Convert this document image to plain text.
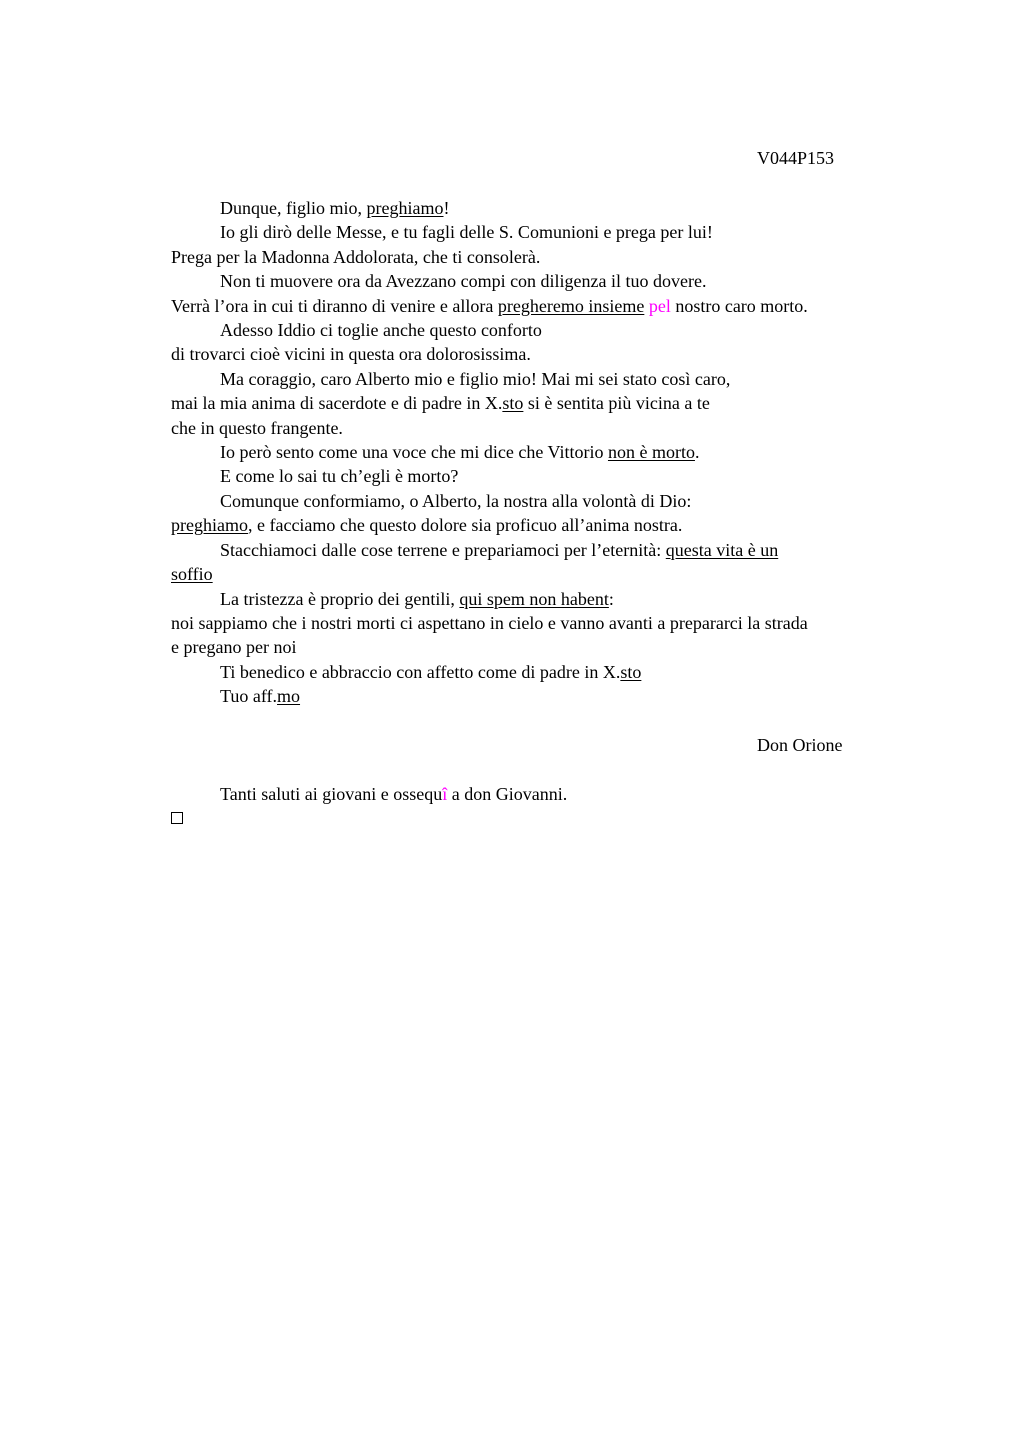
V044P153

Dunque, figlio mio, preghiamo!

Io gli dirò delle Messe, e tu fagli delle S. Comunioni e prega per lui!

Prega per la Madonna Addolorata, che ti consolerà.

Non ti muovere ora da Avezzano compi con diligenza il tuo dovere.

Verrà l’ora in cui ti diranno di venire e allora pregheremo insieme pel nostro caro morto.

Adesso Iddio ci toglie anche questo conforto

di trovarci cioè vicini in questa ora dolorosissima.

Ma coraggio, caro Alberto mio e figlio mio! Mai mi sei stato così caro,

mai la mia anima di sacerdote e di padre in X.sto si è sentita più vicina a te

che in questo frangente.

Io però sento come una voce che mi dice che Vittorio non è morto.

E come lo sai tu ch’egli è morto?

Comunque conformiamo, o Alberto, la nostra alla volontà di Dio:

preghiamo, e facciamo che questo dolore sia proficuo all’anima nostra.

Stacchiamoci dalle cose terrene e prepariamoci per l’eternità: questa vita è un

soffio

La tristezza è proprio dei gentili, qui spem non habent:

noi sappiamo che i nostri morti ci aspettano in cielo e vanno avanti a prepararci la strada

e pregano per noi

Ti benedico e abbraccio con affetto come di padre in X.sto

Tuo aff.mo

Don Orione

Tanti saluti ai giovani e ossequî a don Giovanni.
